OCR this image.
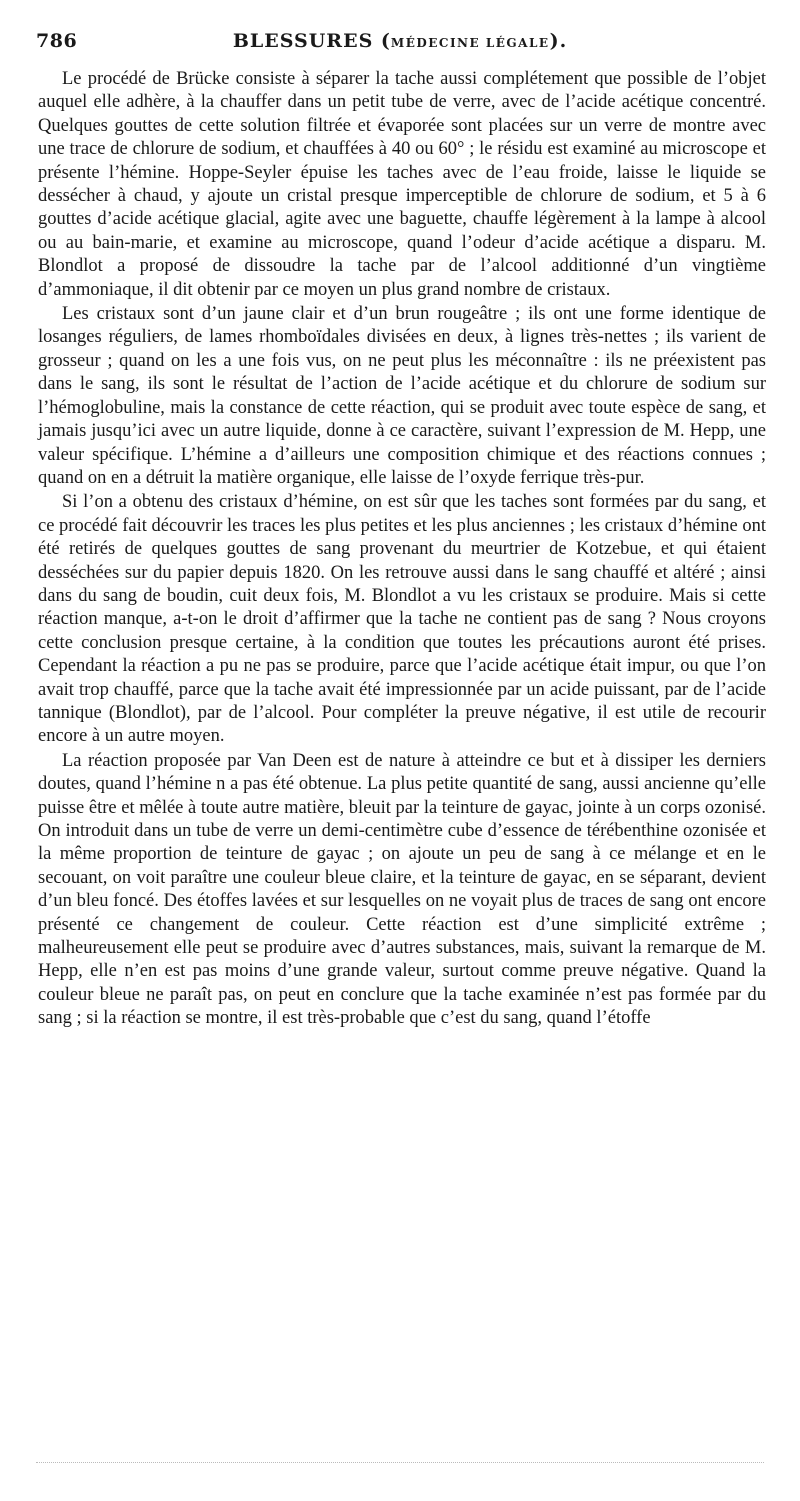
786	BLESSURES (MÉDECINE LÉGALE).

Le procédé de Brücke consiste à séparer la tache aussi complétement que possible de l’objet auquel elle adhère, à la chauffer dans un petit tube de verre, avec de l’acide acétique concentré. Quelques gouttes de cette solution filtrée et évaporée sont placées sur un verre de montre avec une trace de chlorure de sodium, et chauffées à 40 ou 60° ; le résidu est examiné au microscope et présente l’hémine. Hoppe-Seyler épuise les taches avec de l’eau froide, laisse le liquide se dessécher à chaud, y ajoute un cristal presque imperceptible de chlorure de sodium, et 5 à 6 gouttes d’acide acétique glacial, agite avec une baguette, chauffe légèrement à la lampe à alcool ou au bain-marie, et examine au microscope, quand l’odeur d’acide acétique a disparu. M. Blondlot a proposé de dissoudre la tache par de l’alcool additionné d’un vingtième d’ammoniaque, il dit obtenir par ce moyen un plus grand nombre de cristaux.

Les cristaux sont d’un jaune clair et d’un brun rougeâtre ; ils ont une forme identique de losanges réguliers, de lames rhomboïdales divisées en deux, à lignes très-nettes ; ils varient de grosseur ; quand on les a une fois vus, on ne peut plus les méconnaître : ils ne préexistent pas dans le sang, ils sont le résultat de l’action de l’acide acétique et du chlorure de sodium sur l’hémoglobuline, mais la constance de cette réaction, qui se produit avec toute espèce de sang, et jamais jusqu’ici avec un autre liquide, donne à ce caractère, suivant l’expression de M. Hepp, une valeur spécifique. L’hémine a d’ailleurs une composition chimique et des réactions connues ; quand on en a détruit la matière organique, elle laisse de l’oxyde ferrique très-pur.

Si l’on a obtenu des cristaux d’hémine, on est sûr que les taches sont formées par du sang, et ce procédé fait découvrir les traces les plus petites et les plus anciennes ; les cristaux d’hémine ont été retirés de quelques gouttes de sang provenant du meurtrier de Kotzebue, et qui étaient desséchées sur du papier depuis 1820. On les retrouve aussi dans le sang chauffé et altéré ; ainsi dans du sang de boudin, cuit deux fois, M. Blondlot a vu les cristaux se produire. Mais si cette réaction manque, a-t-on le droit d’affirmer que la tache ne contient pas de sang ? Nous croyons cette conclusion presque certaine, à la condition que toutes les précautions auront été prises. Cependant la réaction a pu ne pas se produire, parce que l’acide acétique était impur, ou que l’on avait trop chauffé, parce que la tache avait été impressionnée par un acide puissant, par de l’acide tannique (Blondlot), par de l’alcool. Pour compléter la preuve négative, il est utile de recourir encore à un autre moyen.

La réaction proposée par Van Deen est de nature à atteindre ce but et à dissiper les derniers doutes, quand l’hémine n a pas été obtenue. La plus petite quantité de sang, aussi ancienne qu’elle puisse être et mêlée à toute autre matière, bleuit par la teinture de gayac, jointe à un corps ozonisé. On introduit dans un tube de verre un demi-centimètre cube d’essence de térébenthine ozonisée et la même proportion de teinture de gayac ; on ajoute un peu de sang à ce mélange et en le secouant, on voit paraître une couleur bleue claire, et la teinture de gayac, en se séparant, devient d’un bleu foncé. Des étoffes lavées et sur lesquelles on ne voyait plus de traces de sang ont encore présenté ce changement de couleur. Cette réaction est d’une simplicité extrême ; malheureusement elle peut se produire avec d’autres substances, mais, suivant la remarque de M. Hepp, elle n’en est pas moins d’une grande valeur, surtout comme preuve négative. Quand la couleur bleue ne paraît pas, on peut en conclure que la tache examinée n’est pas formée par du sang ; si la réaction se montre, il est très-probable que c’est du sang, quand l’étoffe
